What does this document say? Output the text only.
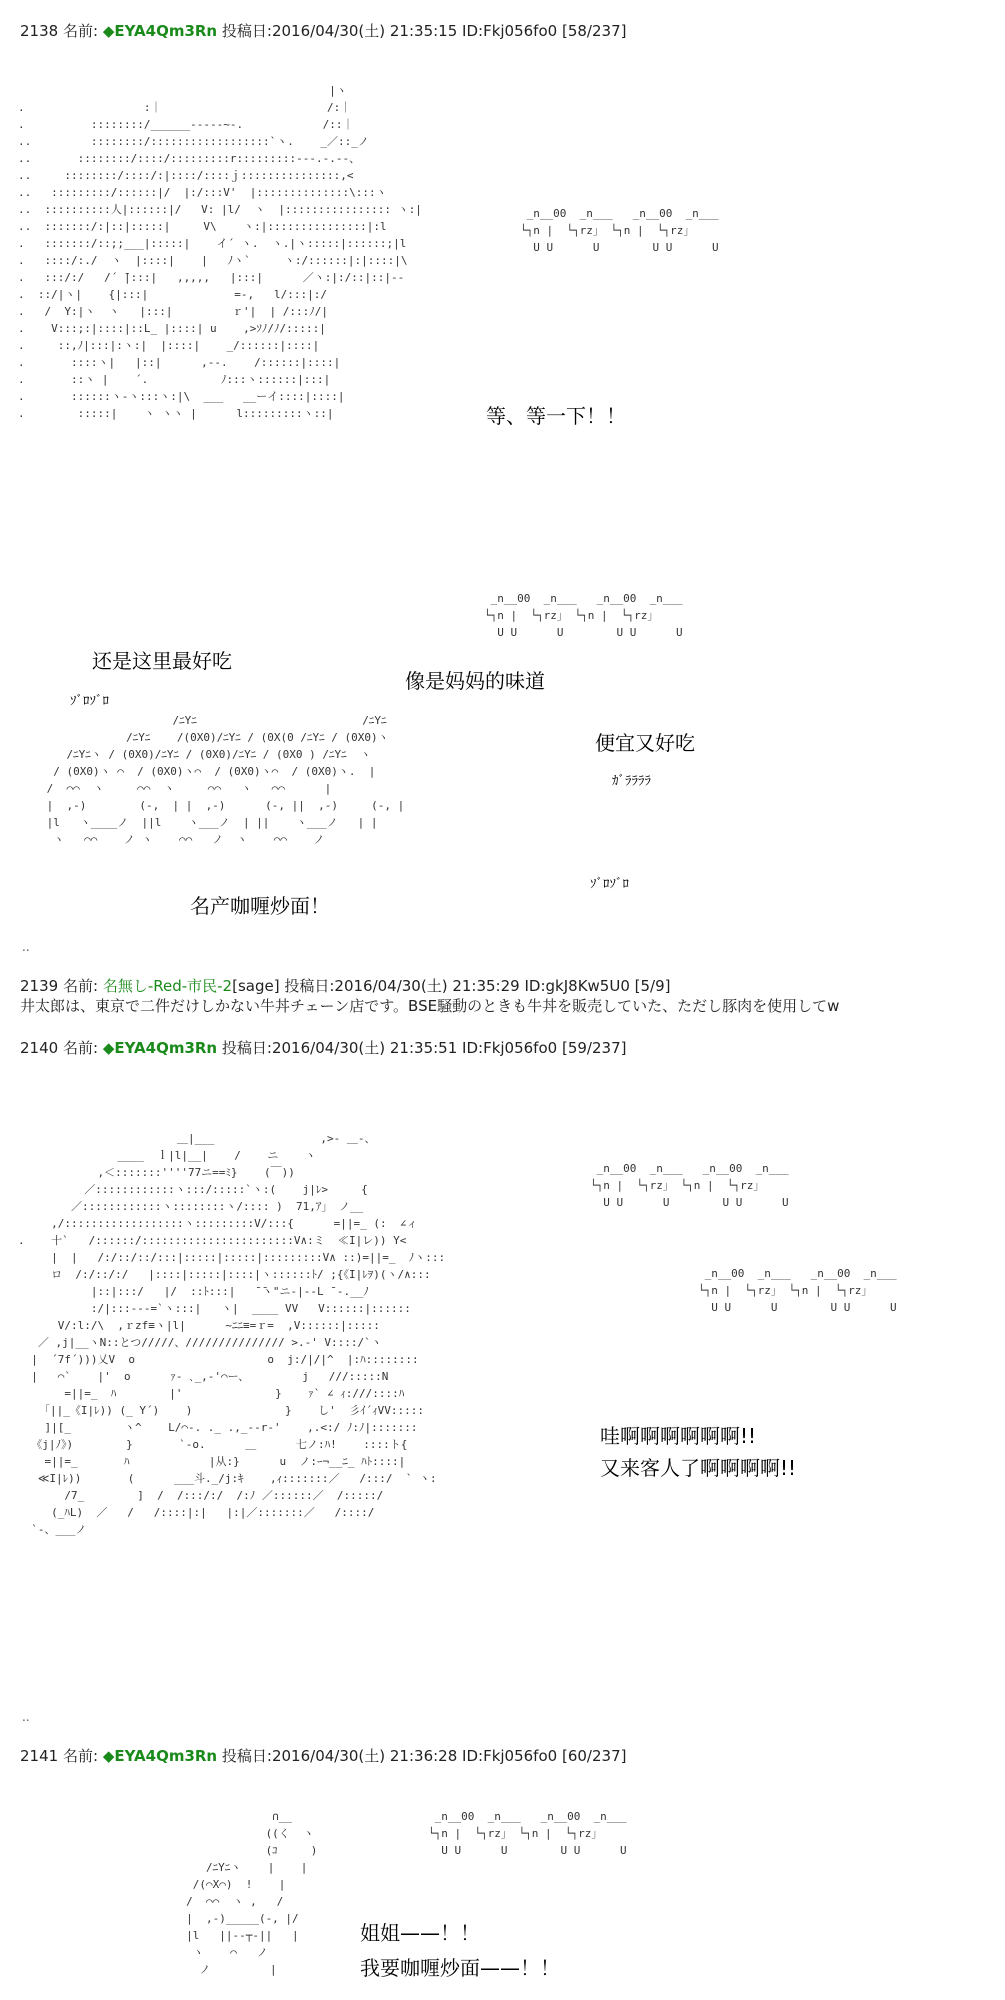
2138 名前: ◆EYA4Qm3Rn 投稿日:2016/04/30(土) 21:35:15 ID:Fkj056fo0 [58/237]
|ヽ
.                  :｜                         /:｜
.          ::::::::/______-----~-.            /::｜
..         ::::::::/::::::::::::::::::`ヽ.    _／::_ノ
..       ::::::::/::::/:::::::::r:::::::::---.-.--、
..     ::::::::/::::/:|::::/::::ｊ:::::::::::::::,<
..   :::::::::/::::::|/  |:/:::V'  |::::::::::::::\:::ヽ
..  ::::::::::人|::::::|/   V: |l/  ヽ  |:::::::::::::::: ヽ:|
..  :::::::/:|::|:::::|     V\    ヽ:|:::::::::::::::|:l
.   :::::::/::;;___|:::::|    イ´ ヽ.  ヽ.|ヽ:::::|::::::;|l
.   ::::/:./  ヽ  |::::|    |   ﾉヽ`     ヽ:/::::::|:|::::|\
.   :::/:/   /´ ̄|:::|   ,,,,,   |:::|      ／ヽ:|:/::|::|--
.  ::/|ヽ|    {|:::|             =-,   l/:::|:/
.   /  Y:|ヽ  ヽ   |:::|         ｒ'|  | /:::ﾉ/|
.    V:::;:|::::|::L_ |::::| u    ,>ｿﾉ/ﾉ/:::::|
.     ::,ﾉ|:::|:ヽ:|  |::::|    _/::::::|::::|
.       ::::ヽ|   |::|      ,--.    /::::::|::::|
.       ::ヽ |    ´.           ﾉ:::ヽ::::::|:::|
.       ::::::ヽ-ヽ:::ヽ:|\  ___   __ーイ::::|::::|
.        :::::|    ヽ ヽヽ |      l:::::::::ヽ::|
_n__00  _n___   _n__00  _n___
└┐n |  └┐rz」 └┐n |  └┐rz」
U U      U        U U      U
等、等一下！！
_n__00  _n___   _n__00  _n___
└┐n |  └┐rz」 └┐n |  └┐rz」
U U      U        U U      U
还是这里最好吃
像是妈妈的味道
ｿﾞﾛｿﾞﾛ
便宜又好吃
ｶﾞﾗﾗﾗﾗ
/ﾆYﾆ                         /ﾆYﾆ
/ﾆYﾆ    /(0X0)/ﾆYﾆ / (0X(0 /ﾆYﾆ / (0X0)ヽ
/ﾆYﾆヽ / (0X0)/ﾆYﾆ / (0X0)/ﾆYﾆ / (0X0 ) /ﾆYﾆ  ヽ
/ (0X0)ヽ ⌒  / (0X0)ヽ⌒  / (0X0)ヽ⌒  / (0X0)ヽ.  |
/  ⌒⌒  ヽ     ⌒⌒  ヽ     ⌒⌒   ヽ   ⌒⌒      |
|  ,-)        (-,  | |  ,-)      (-, ||  ,-)     (-, |
|l   ヽ____ノ  ||l    ヽ___ノ  | ||    ヽ___ノ   | |
ヽ   ⌒⌒    ノ ヽ    ⌒⌒   ノ  ヽ    ⌒⌒    ノ
ｿﾞﾛｿﾞﾛ
名产咖喱炒面！
..
2139 名前: 名無し-Red-市民-2[sage] 投稿日:2016/04/30(土) 21:35:29 ID:gkJ8Kw5U0 [5/9]
井太郎は、東京で二件だけしかない牛丼チェーン店です。BSE騒動のときも牛丼を販売していた、ただし豚肉を使用してw
2140 名前: ◆EYA4Qm3Rn 投稿日:2016/04/30(土) 21:35:51 ID:Fkj056fo0 [59/237]
＿|___                ,>- ＿-、
____  ｌ|l|__|    /    ニ    ヽ
,＜:::::::''''77ニ==ﾐ}    (￣))
／::::::::::::ヽ:::/:::::`ヽ:(    j|ﾚ>     {
／::::::::::::ヽ::::::::ヽ/:::: )  71,ｱ」 ノ__
,/::::::::::::::::::ヽ:::::::::V/:::{      =||=_ (:  ∠ィ
.    十`   /::::::/:::::::::::::::::::::::V∧:ミ  ≪I|レ)) Y<
|  |   /:/::/::/:::|:::::|:::::|:::::::::V∧ ::)=||=_  ﾉヽ:::
ロ  /:/::/:/   |::::|:::::|::::|ヽ::::::ﾄ/ ;{《I|ﾚｦ)(ヽ/∧:::
|::|:::/   |/  ::ﾄ:::|   ̄ ̄ヽ"ニ-|--L ̄ -.__ﾉ
:/|:::---=`ヽ:::|   ヽ|  ____ VV   V::::::|::::::
V/:l:/\  ,ｒzf≡ヽ|l|      ~ﾆﾆ≡=ｒ=  ,V::::::|:::::
／ ,j|__ヽN::とつ/////、/////////////// >.-' V::::/`ヽ
|  ´7f´)))乂V  o                    o  j:/|/|^  |:ﾊ::::::::
|   ⌒`    |'  o      ｧ- ､_,-'⌒ー、        j   ///:::::N
=||=_  ﾊ        |'              }    ｧ` ∠ ｨ:///::::ﾊ
｢||_《I|ﾚ)) (_ Y´)    )              }    し'  彡ｲ´ｨVV:::::
]|[_        ヽ^    L/⌒-. ._ .,_--r-'    ,.<:/ ﾉ:ﾉ|:::::::
《j|ﾉ》)        }       `-o.      ＿      七ノ:ﾊ!    ::::ト{
=||=_       ﾊ            |从:}      u  ノ:ｰ¬__ﾆ_ ﾊﾄ::::|
≪I|ﾚ))       (      ___斗._/j:ｷ    ,ｨ:::::::／   /:::/  ` ヽ:
/7_        ]  /  /:::/:/  /:ﾉ ／::::::／  /:::::/
(_ﾊL)  ／   /   /::::|:|   |:|／:::::::／   /::::/
`-、___ノ
_n__00  _n___   _n__00  _n___
└┐n |  └┐rz」 └┐n |  └┐rz」
U U      U        U U      U
_n__00  _n___   _n__00  _n___
└┐n |  └┐rz」 └┐n |  └┐rz」
U U      U        U U      U
哇啊啊啊啊啊啊!!
又来客人了啊啊啊啊!!
..
2141 名前: ◆EYA4Qm3Rn 投稿日:2016/04/30(土) 21:36:28 ID:Fkj056fo0 [60/237]
∩__
((く  ヽ
(ｺ     )
/ﾆYﾆヽ    |    |
/(⌒X⌒)  !    |
/  ⌒⌒  ヽ ,   /
|  ,-)_____(-, |/
|l   ||--┬-||   |
ヽ    ⌒   ノ
ノ         |
_n__00  _n___   _n__00  _n___
└┐n |  └┐rz」 └┐n |  └┐rz」
U U      U        U U      U
姐姐——！！
我要咖喱炒面——！！
